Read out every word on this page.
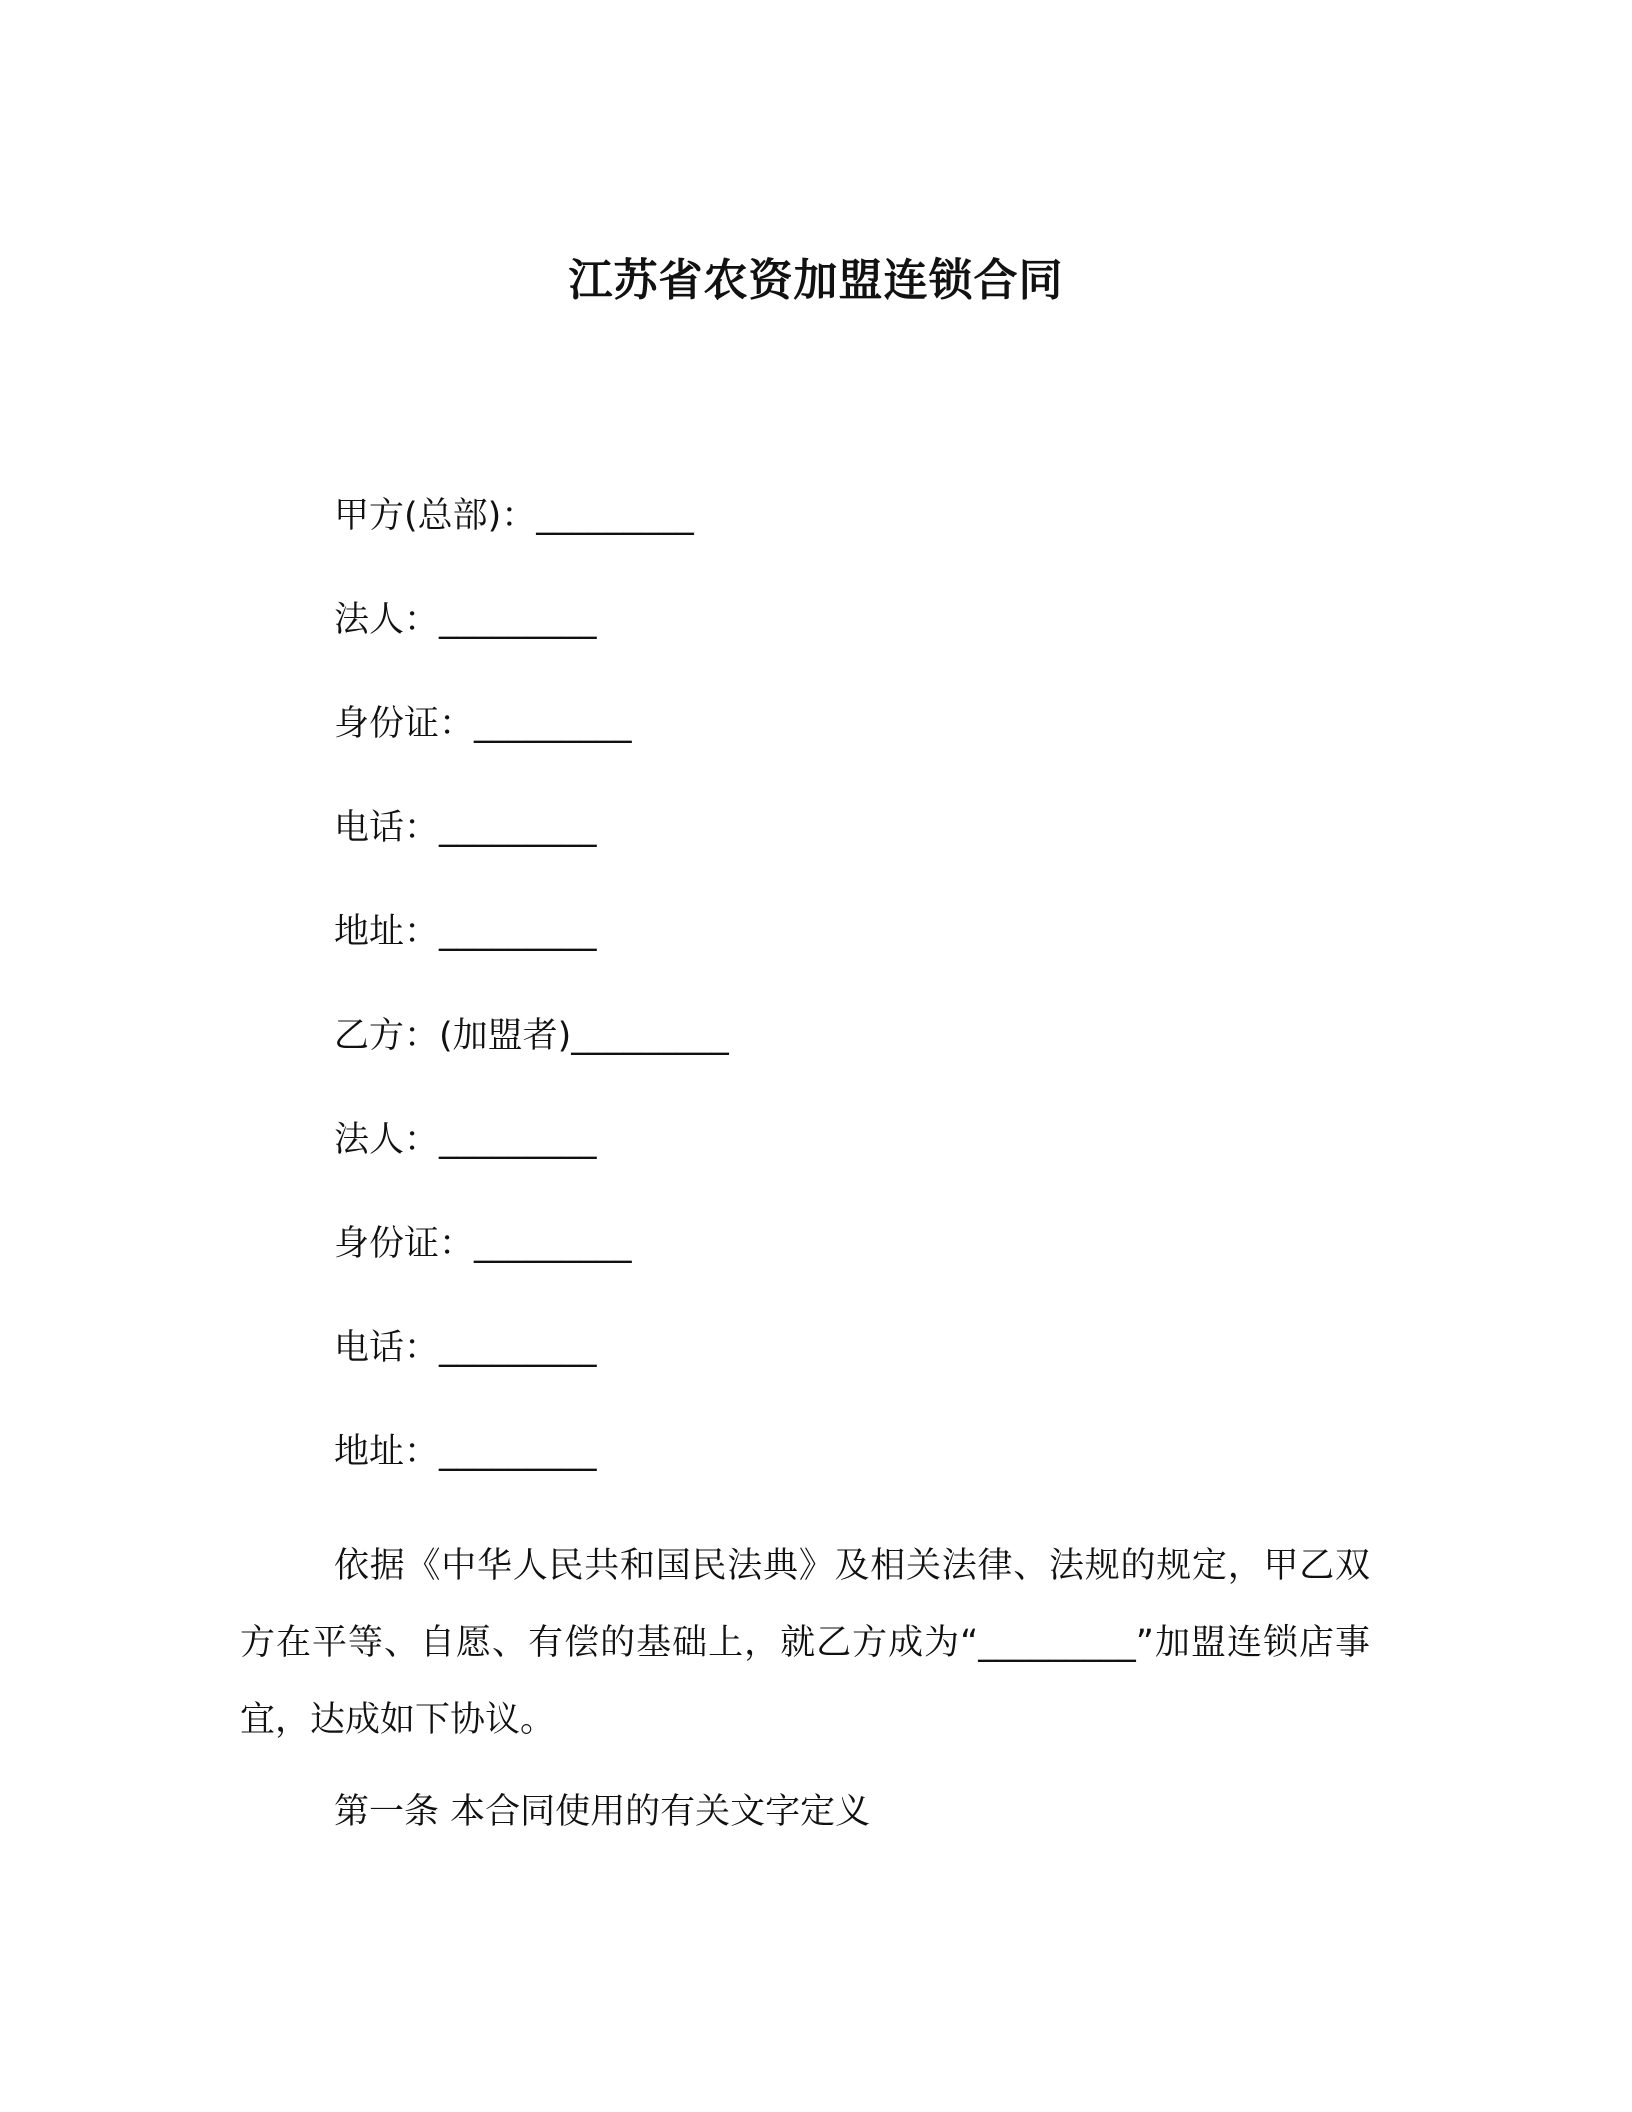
江苏省农资加盟连锁合同
甲方(总部)：_________
法人：_________
身份证：_________
电话：_________
地址：_________
乙方：(加盟者)_________
法人：_________
身份证：_________
电话：_________
地址：_________

依据《中华人民共和国民法典》及相关法律、法规的规定，甲乙双方在平等、自愿、有偿的基础上，就乙方成为“_________”加盟连锁店事宜，达成如下协议。

第一条 本合同使用的有关文字定义
